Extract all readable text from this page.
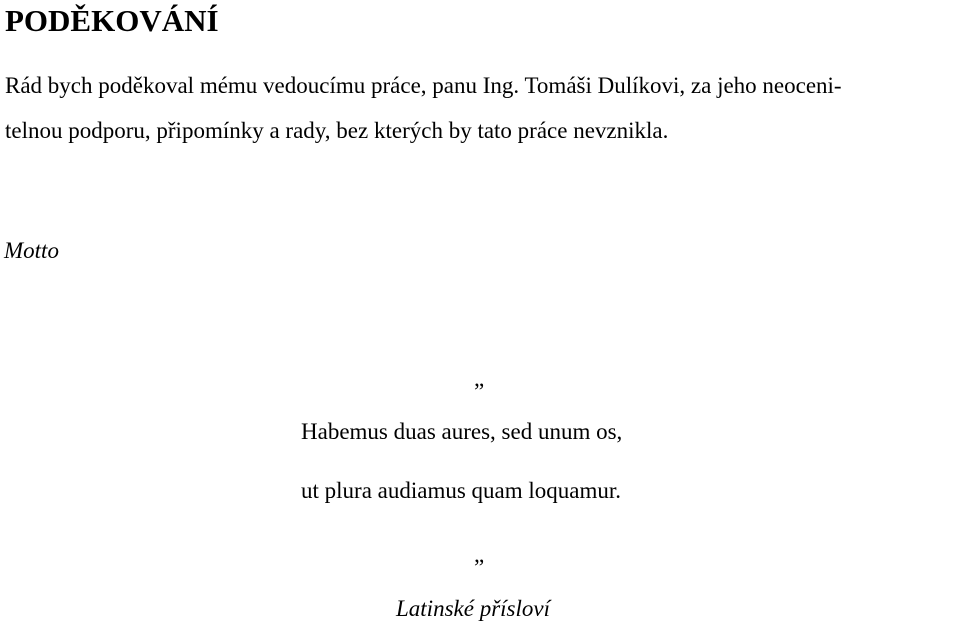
PODĚKOVÁNÍ

Rád bych poděkoval mému vedoucímu práce, panu Ing. Tomáši Dulíkovi, za jeho neoceni-

telnou podporu, připomínky a rady, bez kterých by tato práce nevznikla.

Motto

„

Habemus duas aures, sed unum os,

ut plura audiamus quam loquamur.

„

Latinské přísloví
